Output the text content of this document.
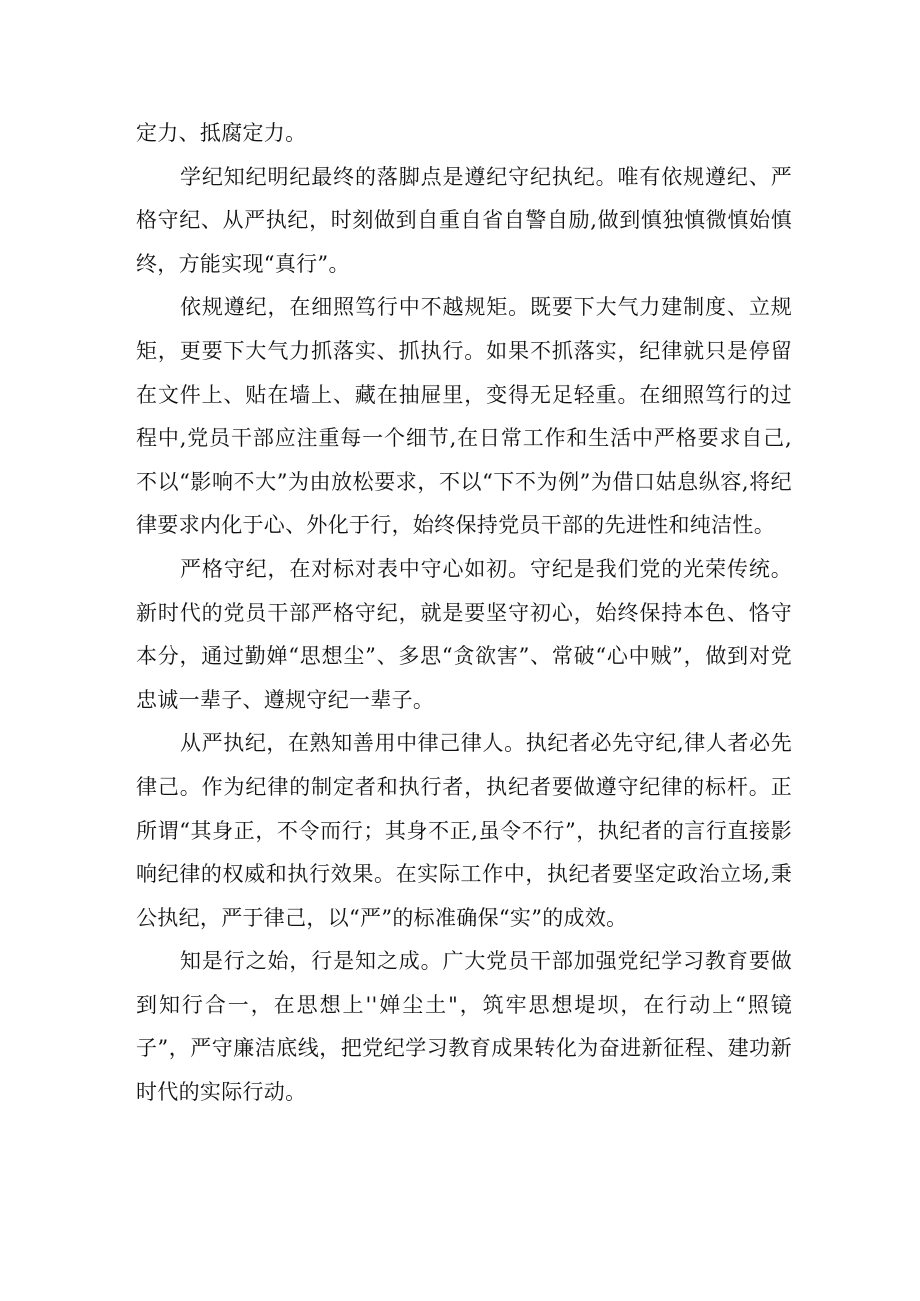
定力、抵腐定力。

学纪知纪明纪最终的落脚点是遵纪守纪执纪。唯有依规遵纪、严格守纪、从严执纪，时刻做到自重自省自警自励,做到慎独慎微慎始慎终，方能实现“真行”。

依规遵纪，在细照笃行中不越规矩。既要下大气力建制度、立规矩，更要下大气力抓落实、抓执行。如果不抓落实，纪律就只是停留在文件上、贴在墙上、藏在抽屉里，变得无足轻重。在细照笃行的过程中,党员干部应注重每一个细节,在日常工作和生活中严格要求自己,不以“影响不大”为由放松要求，不以“下不为例”为借口姑息纵容,将纪律要求内化于心、外化于行，始终保持党员干部的先进性和纯洁性。

严格守纪，在对标对表中守心如初。守纪是我们党的光荣传统。新时代的党员干部严格守纪，就是要坚守初心，始终保持本色、恪守本分，通过勤婵“思想尘”、多思“贪欲害”、常破“心中贼”，做到对党忠诚一辈子、遵规守纪一辈子。

从严执纪，在熟知善用中律己律人。执纪者必先守纪,律人者必先律己。作为纪律的制定者和执行者，执纪者要做遵守纪律的标杆。正所谓“其身正，不令而行；其身不正,虽令不行”，执纪者的言行直接影响纪律的权威和执行效果。在实际工作中，执纪者要坚定政治立场,秉公执纪，严于律己，以“严”的标准确保“实”的成效。

知是行之始，行是知之成。广大党员干部加强党纪学习教育要做到知行合一，在思想上''婵尘土"，筑牢思想堤坝，在行动上“照镜子”，严守廉洁底线，把党纪学习教育成果转化为奋进新征程、建功新时代的实际行动。
